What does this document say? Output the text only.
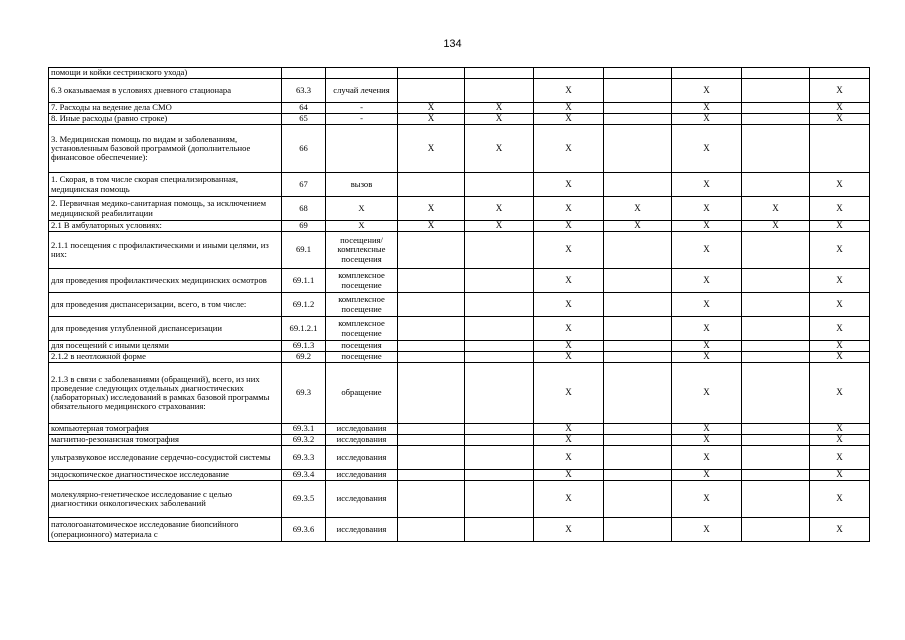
134
помощи и койки сестринского ухода)										
6.3 оказываемая в условиях дневного стационара	63.3	случай лечения			X		X		X	
7. Расходы на ведение дела СМО	64	-	X	X	X		X		X	
8. Иные расходы (равно строке)	65	-	X	X	X		X		X	
3. Медицинская помощь по видам и заболеваниям, установленным базовой программой (дополнительное финансовое обеспечение):	66		X	X	X		X			
1. Скорая, в том числе скорая специализированная, медицинская помощь	67	вызов			X		X		X	
2. Первичная медико-санитарная помощь, за исключением медицинской реабилитации	68	X	X	X	X	X	X	X	X	
2.1 В амбулаторных условиях:	69	X	X	X	X	X	X	X	X	
2.1.1 посещения с профилактическими и иными целями, из них:	69.1	посещения/комплексные посещения			X		X		X	
для проведения профилактических медицинских осмотров	69.1.1	комплексное посещение			X		X		X	
для проведения диспансеризации, всего, в том числе:	69.1.2	комплексное посещение			X		X		X	
для проведения углубленной диспансеризации	69.1.2.1	комплексное посещение			X		X		X	
для посещений с иными целями	69.1.3	посещения			X		X		X	
2.1.2 в неотложной форме	69.2	посещение			X		X		X	
2.1.3 в связи с заболеваниями (обращений), всего, из них проведение следующих отдельных диагностических (лабораторных) исследований в рамках базовой программы обязательного медицинского страхования:	69.3	обращение			X		X		X	
компьютерная томография	69.3.1	исследования			X		X		X	
магнитно-резонансная томография	69.3.2	исследования			X		X		X	
ультразвуковое исследование сердечно-сосудистой системы	69.3.3	исследования			X		X		X	
эндоскопическое диагностическое исследование	69.3.4	исследования			X		X		X	
молекулярно-генетическое исследование с целью диагностики онкологических заболеваний	69.3.5	исследования			X		X		X	
патологоанатомическое исследование биопсийного (операционного) материала с	69.3.6	исследования			X		X		X	
